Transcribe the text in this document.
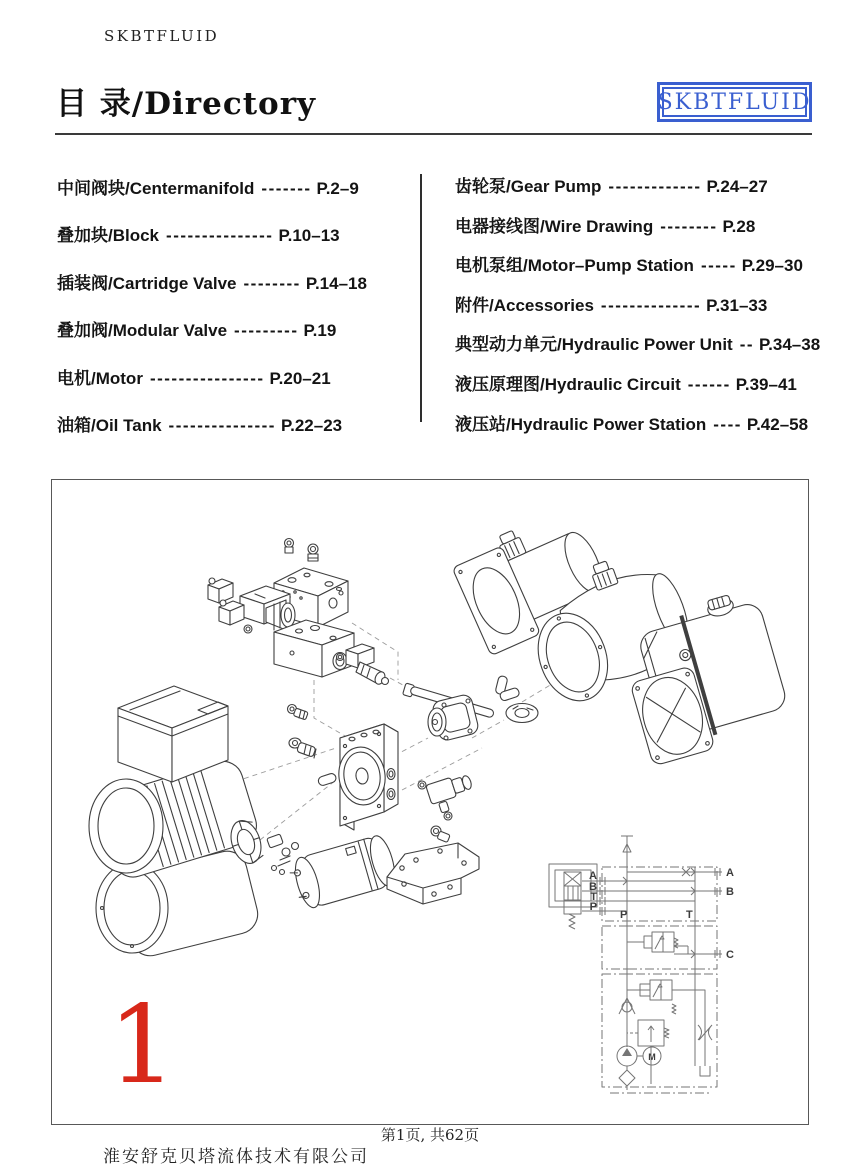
SKBTFLUID
目 录/Directory	SKBTFLUID
中间阀块/Centermanifold ------- P.2–9
叠加块/Block --------------- P.10–13
插装阀/Cartridge Valve -------- P.14–18
叠加阀/Modular Valve --------- P.19
电机/Motor ---------------- P.20–21
油箱/Oil Tank --------------- P.22–23
齿轮泵/Gear Pump ------------- P.24–27
电器接线图/Wire Drawing -------- P.28
电机泵组/Motor–Pump Station ----- P.29–30
附件/Accessories -------------- P.31–33
典型动力单元/Hydraulic Power Unit -- P.34–38
液压原理图/Hydraulic Circuit ------ P.39–41
液压站/Hydraulic Power Station ---- P.42–58
A
B
T
P
P	T
A
B
C
M
1
第1页, 共62页
淮安舒克贝塔流体技术有限公司
